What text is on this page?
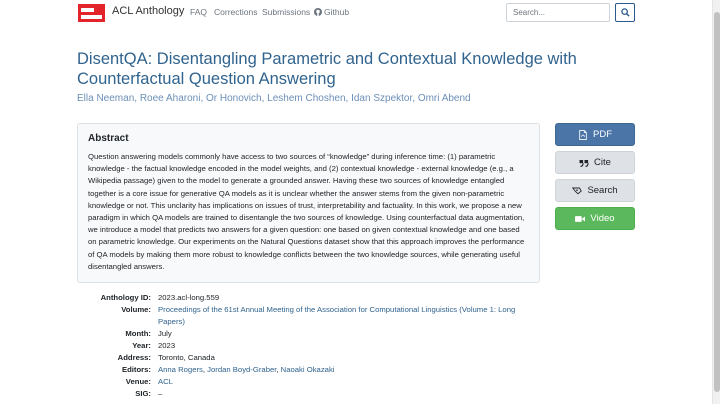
ACL Anthology FAQ Corrections Submissions Github
Search...
DisentQA: Disentangling Parametric and Contextual Knowledge with Counterfactual Question Answering
Ella Neeman, Roee Aharoni, Or Honovich, Leshem Choshen, Idan Szpektor, Omri Abend
Abstract

Question answering models commonly have access to two sources of “knowledge” during inference time: (1) parametric knowledge - the factual knowledge encoded in the model weights, and (2) contextual knowledge - external knowledge (e.g., a Wikipedia passage) given to the model to generate a grounded answer. Having these two sources of knowledge entangled together is a core issue for generative QA models as it is unclear whether the answer stems from the given non-parametric knowledge or not. This unclarity has implications on issues of trust, interpretability and factuality. In this work, we propose a new paradigm in which QA models are trained to disentangle the two sources of knowledge. Using counterfactual data augmentation, we introduce a model that predicts two answers for a given question: one based on given contextual knowledge and one based on parametric knowledge. Our experiments on the Natural Questions dataset show that this approach improves the performance of QA models by making them more robust to knowledge conflicts between the two knowledge sources, while generating useful disentangled answers.

PDF
Cite
Search
Video
Anthology ID: 2023.acl-long.559
Volume: Proceedings of the 61st Annual Meeting of the Association for Computational Linguistics (Volume 1: Long Papers)
Month: July
Year: 2023
Address: Toronto, Canada
Editors: Anna Rogers, Jordan Boyd-Graber, Naoaki Okazaki
Venue: ACL
SIG: –
